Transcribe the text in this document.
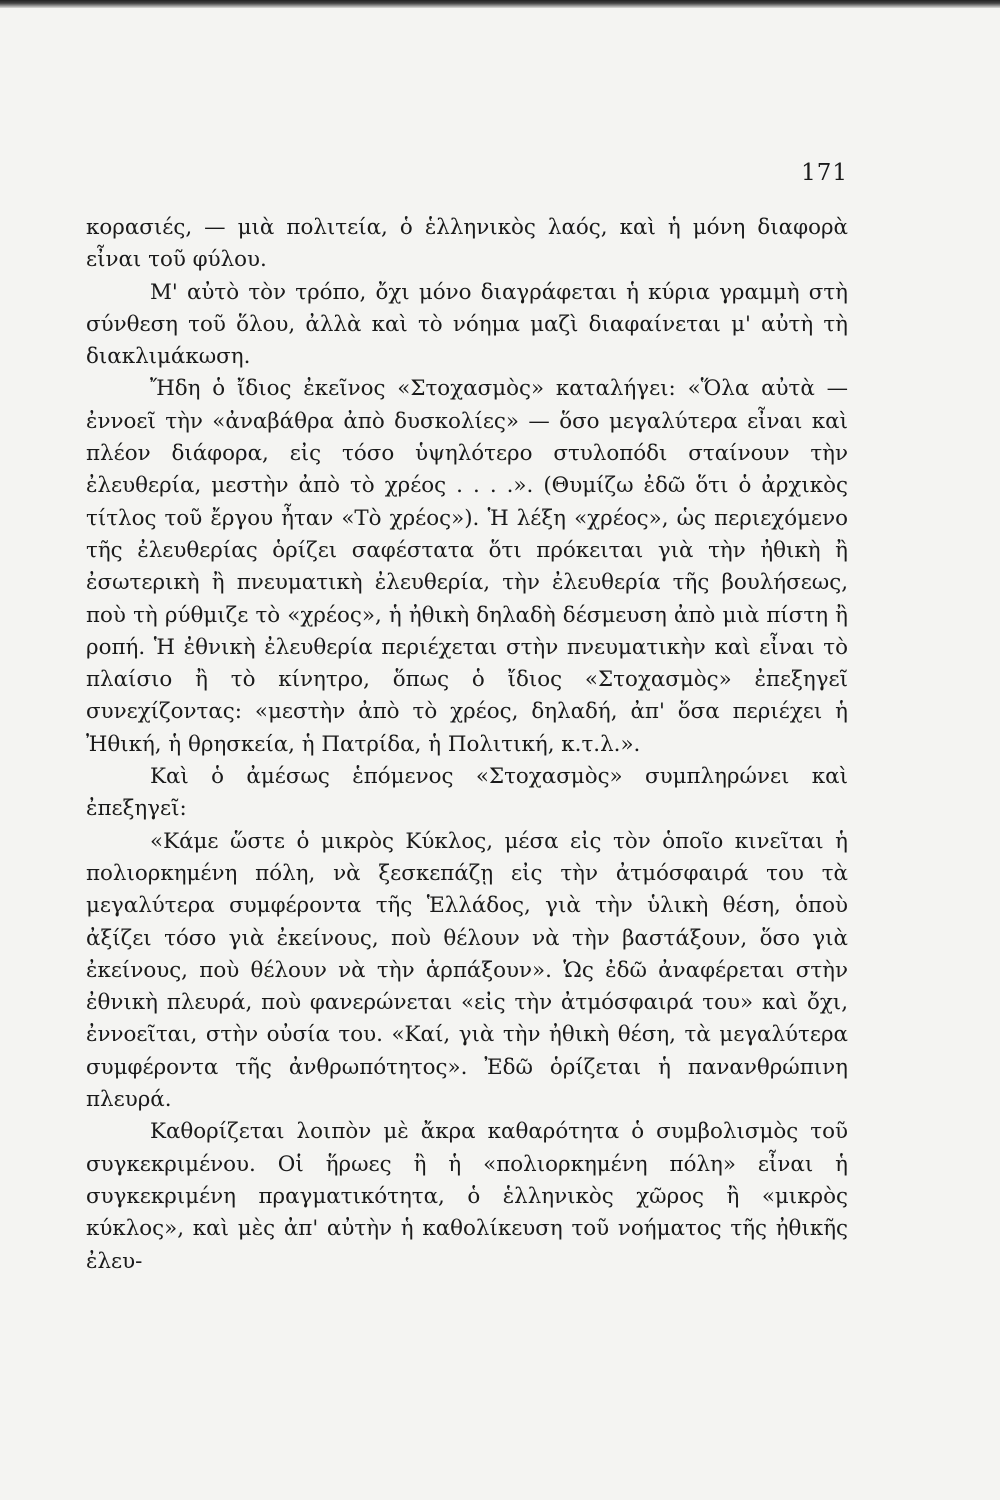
171

κορασιές, — μιὰ πολιτεία, ὁ ἑλληνικὸς λαός, καὶ ἡ μόνη διαφορὰ εἶναι τοῦ φύλου.

Μ' αὐτὸ τὸν τρόπο, ὄχι μόνο διαγράφεται ἡ κύρια γραμμὴ στὴ σύνθεση τοῦ ὅλου, ἀλλὰ καὶ τὸ νόημα μαζὶ διαφαίνεται μ' αὐτὴ τὴ διακλιμάκωση.

Ἤδη ὁ ἴδιος ἐκεῖνος «Στοχασμὸς» καταλήγει: «Ὅλα αὐτὰ — ἐννοεῖ τὴν «ἀναβάθρα ἀπὸ δυσκολίες» — ὅσο μεγαλύτερα εἶναι καὶ πλέον διάφορα, εἰς τόσο ὑψηλότερο στυλοπόδι σταίνουν τὴν ἐλευθερία, μεστὴν ἀπὸ τὸ χρέος . . . .». (Θυμίζω ἐδῶ ὅτι ὁ ἀρχικὸς τίτλος τοῦ ἔργου ἦταν «Τὸ χρέος»). Ἡ λέξη «χρέος», ὡς περιεχόμενο τῆς ἐλευθερίας ὁρίζει σαφέστατα ὅτι πρόκειται γιὰ τὴν ἠθικὴ ἢ ἐσωτερικὴ ἢ πνευματικὴ ἐλευθερία, τὴν ἐλευθερία τῆς βουλήσεως, ποὺ τὴ ρύθμιζε τὸ «χρέος», ἡ ἠθικὴ δηλαδὴ δέσμευση ἀπὸ μιὰ πίστη ἢ ροπή. Ἡ ἐθνικὴ ἐλευθερία περιέχεται στὴν πνευματικὴν καὶ εἶναι τὸ πλαίσιο ἢ τὸ κίνητρο, ὅπως ὁ ἴδιος «Στοχασμὸς» ἐπεξηγεῖ συνεχίζοντας: «μεστὴν ἀπὸ τὸ χρέος, δηλαδή, ἀπ' ὅσα περιέχει ἡ Ἠθική, ἡ θρησκεία, ἡ Πατρίδα, ἡ Πολιτική, κ.τ.λ.».

Καὶ ὁ ἀμέσως ἑπόμενος «Στοχασμὸς» συμπληρώνει καὶ ἐπεξηγεῖ:

«Κάμε ὥστε ὁ μικρὸς Κύκλος, μέσα εἰς τὸν ὁποῖο κινεῖται ἡ πολιορκημένη πόλη, νὰ ξεσκεπάζῃ εἰς τὴν ἀτμόσφαιρά του τὰ μεγαλύτερα συμφέροντα τῆς Ἑλλάδος, γιὰ τὴν ὑλικὴ θέση, ὁποὺ ἀξίζει τόσο γιὰ ἐκείνους, ποὺ θέλουν νὰ τὴν βαστάξουν, ὅσο γιὰ ἐκείνους, ποὺ θέλουν νὰ τὴν ἁρπάξουν». Ὡς ἐδῶ ἀναφέρεται στὴν ἐθνικὴ πλευρά, ποὺ φανερώνεται «εἰς τὴν ἀτμόσφαιρά του» καὶ ὄχι, ἐννοεῖται, στὴν οὐσία του. «Καί, γιὰ τὴν ἠθικὴ θέση, τὰ μεγαλύτερα συμφέροντα τῆς ἀνθρωπότητος». Ἐδῶ ὁρίζεται ἡ πανανθρώπινη πλευρά.

Καθορίζεται λοιπὸν μὲ ἄκρα καθαρότητα ὁ συμβολισμὸς τοῦ συγκεκριμένου. Οἱ ἥρωες ἢ ἡ «πολιορκημένη πόλη» εἶναι ἡ συγκεκριμένη πραγματικότητα, ὁ ἑλληνικὸς χῶρος ἢ «μικρὸς κύκλος», καὶ μὲς ἀπ' αὐτὴν ἡ καθολίκευση τοῦ νοήματος τῆς ἠθικῆς ἐλευ-
